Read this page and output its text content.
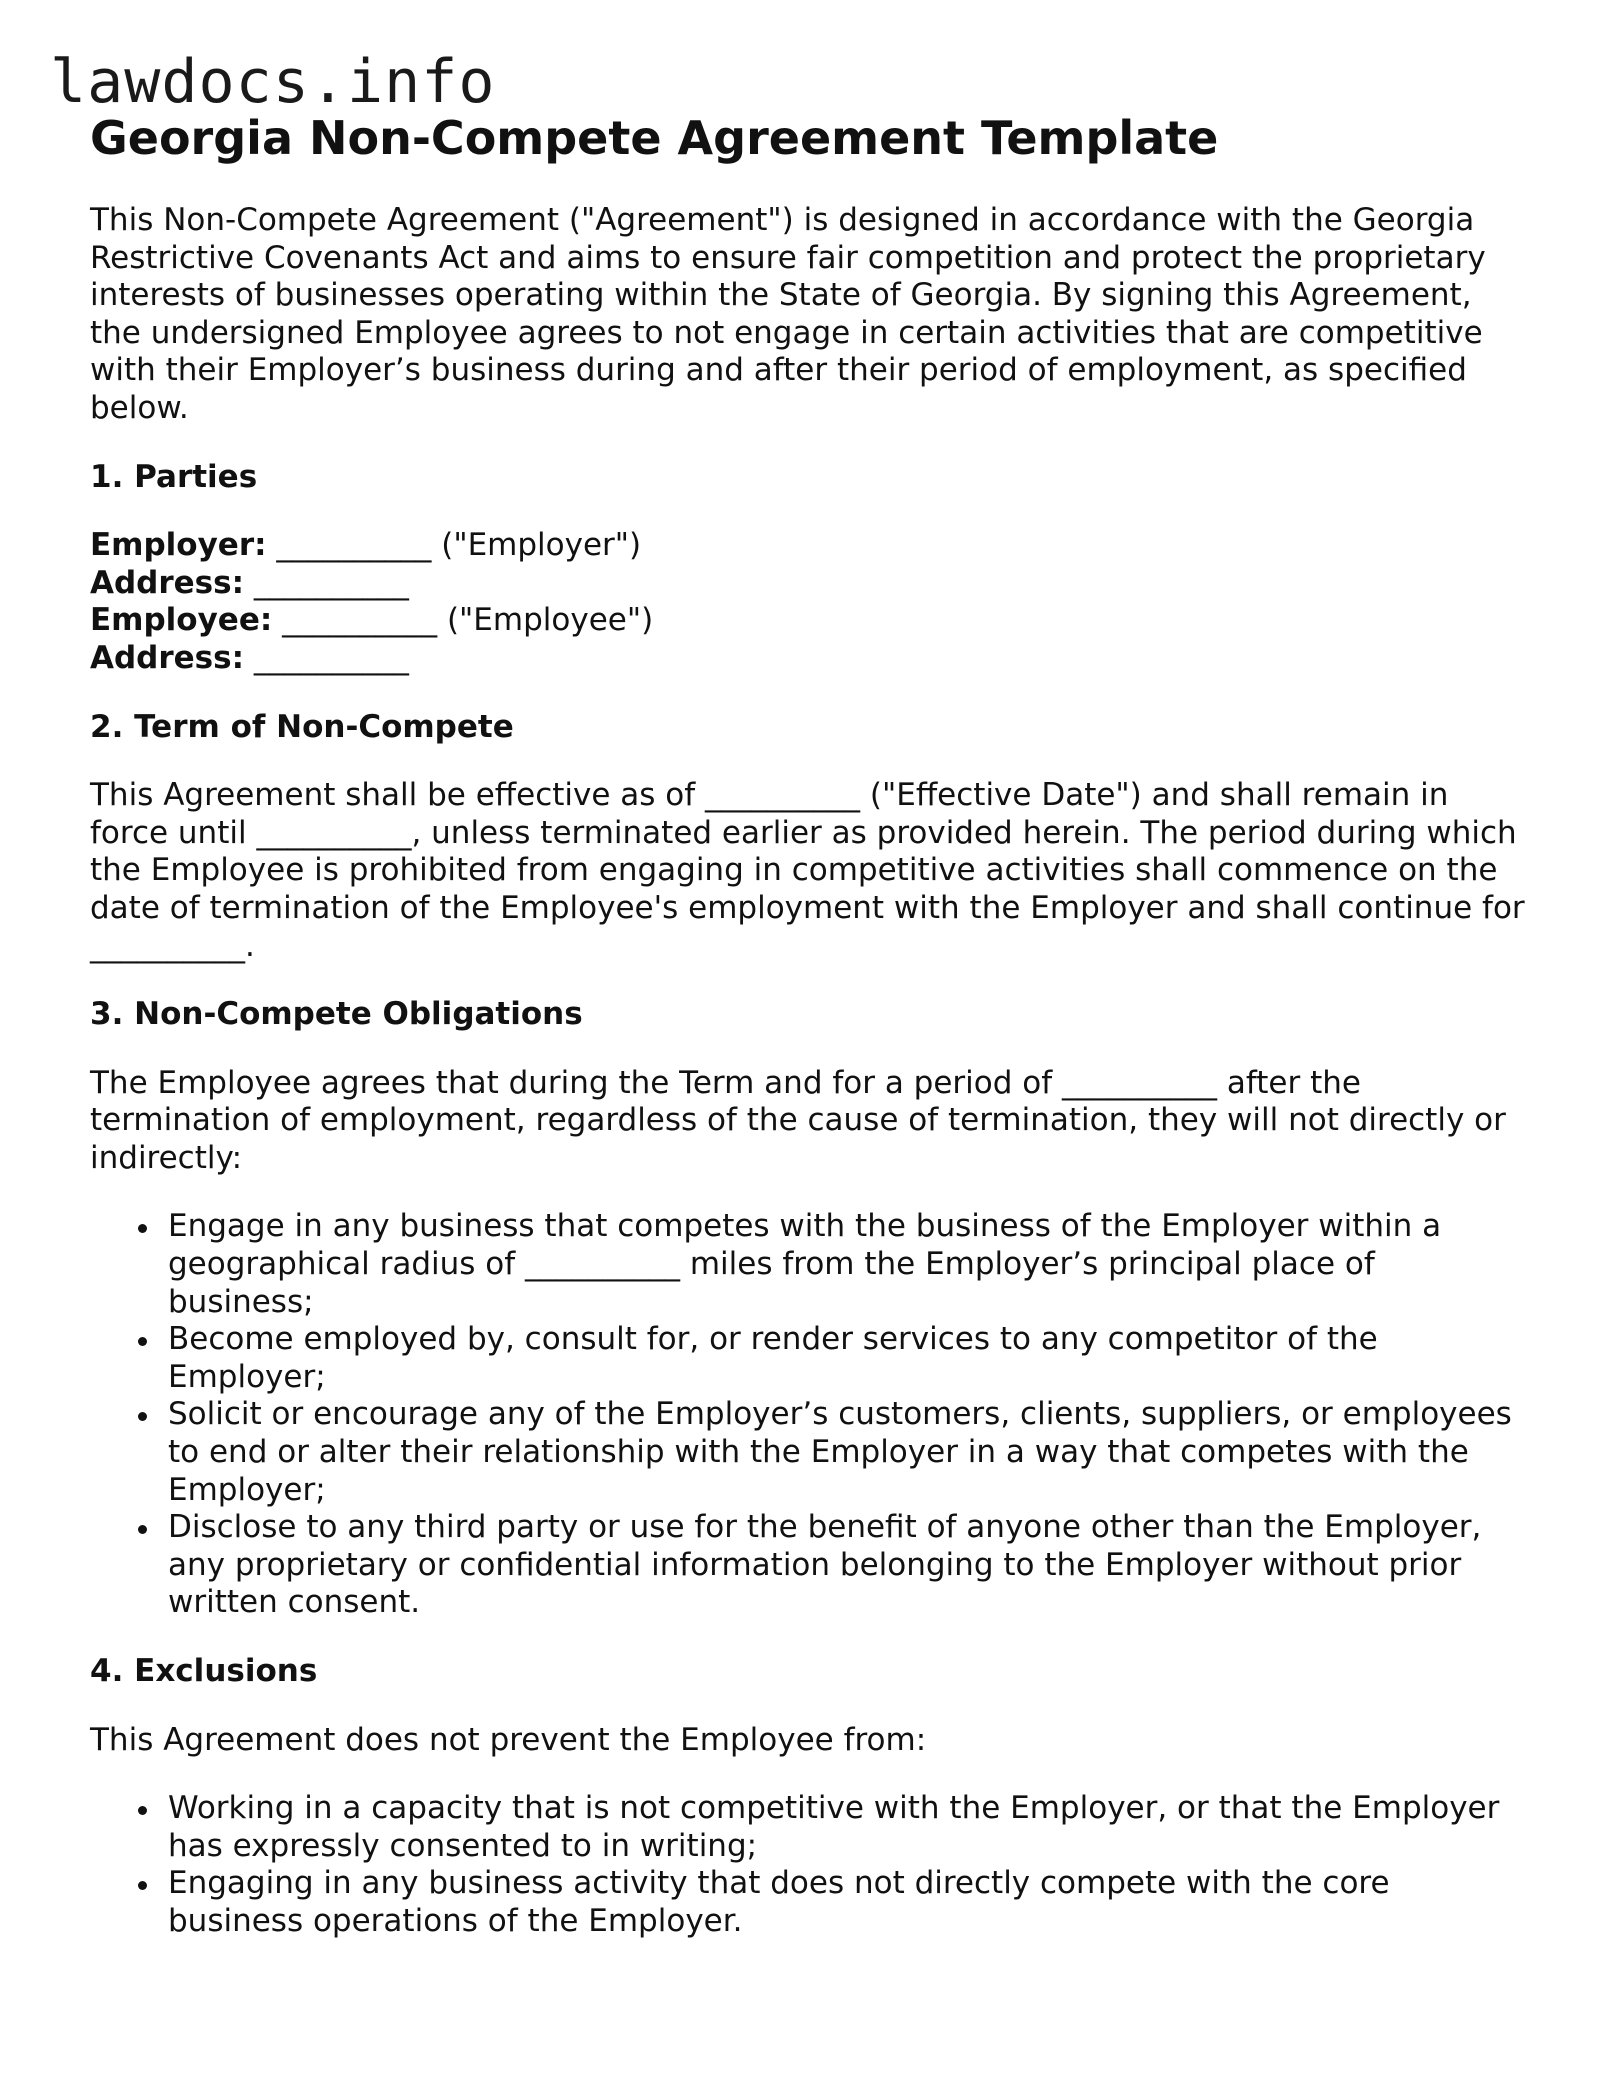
lawdocs.info
Georgia Non-Compete Agreement Template

This Non-Compete Agreement ("Agreement") is designed in accordance with the Georgia Restrictive Covenants Act and aims to ensure fair competition and protect the proprietary interests of businesses operating within the State of Georgia. By signing this Agreement, the undersigned Employee agrees to not engage in certain activities that are competitive with their Employer’s business during and after their period of employment, as specified below.

1. Parties
Employer: __________ ("Employer")
Address: __________
Employee: __________ ("Employee")
Address: __________
2. Term of Non-Compete

This Agreement shall be effective as of __________ ("Effective Date") and shall remain in force until __________, unless terminated earlier as provided herein. The period during which the Employee is prohibited from engaging in competitive activities shall commence on the date of termination of the Employee's employment with the Employer and shall continue for __________.

3. Non-Compete Obligations

The Employee agrees that during the Term and for a period of __________ after the termination of employment, regardless of the cause of termination, they will not directly or indirectly:

Engage in any business that competes with the business of the Employer within a geographical radius of __________ miles from the Employer’s principal place of business;
Become employed by, consult for, or render services to any competitor of the Employer;
Solicit or encourage any of the Employer’s customers, clients, suppliers, or employees to end or alter their relationship with the Employer in a way that competes with the Employer;
Disclose to any third party or use for the benefit of anyone other than the Employer, any proprietary or confidential information belonging to the Employer without prior written consent.
4. Exclusions

This Agreement does not prevent the Employee from:

Working in a capacity that is not competitive with the Employer, or that the Employer has expressly consented to in writing;
Engaging in any business activity that does not directly compete with the core business operations of the Employer.
